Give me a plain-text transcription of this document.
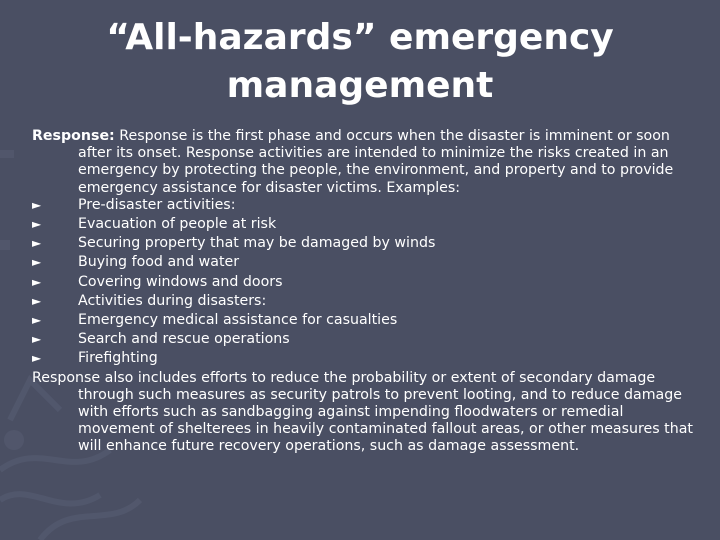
“All-hazards” emergency
management

Response: Response is the first phase and occurs when the disaster is imminent or soon after its onset. Response activities are intended to minimize the risks created in an emergency by protecting the people, the environment, and property and to provide emergency assistance for disaster victims. Examples:

►	Pre-disaster activities:
►	Evacuation of people at risk
►	Securing property that may be damaged by winds
►	Buying food and water
►	Covering windows and doors
►	Activities during disasters:
►	Emergency medical assistance for casualties
►	Search and rescue operations
►	Firefighting

Response also includes efforts to reduce the probability or extent of secondary damage through such measures as security patrols to prevent looting, and to reduce damage with efforts such as sandbagging against impending floodwaters or remedial movement of shelterees in heavily contaminated fallout areas, or other measures that will enhance future recovery operations, such as damage assessment.
